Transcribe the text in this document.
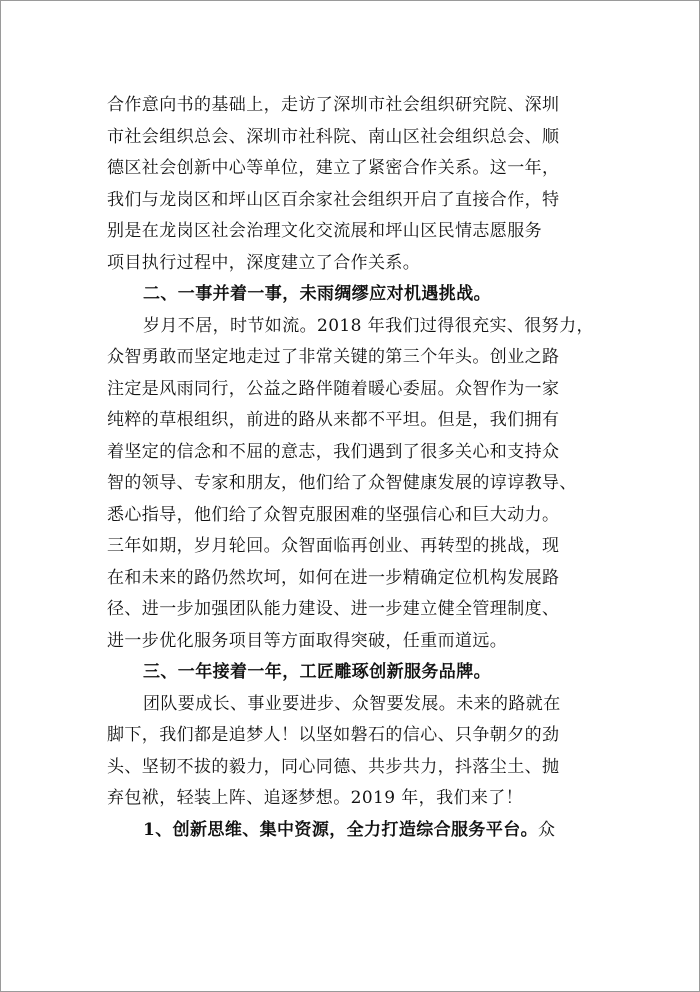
合作意向书的基础上，走访了深圳市社会组织研究院、深圳
市社会组织总会、深圳市社科院、南山区社会组织总会、顺
德区社会创新中心等单位，建立了紧密合作关系。这一年，
我们与龙岗区和坪山区百余家社会组织开启了直接合作，特
别是在龙岗区社会治理文化交流展和坪山区民情志愿服务
项目执行过程中，深度建立了合作关系。
二、一事并着一事，未雨绸缪应对机遇挑战。
岁月不居，时节如流。2018 年我们过得很充实、很努力，
众智勇敢而坚定地走过了非常关键的第三个年头。创业之路
注定是风雨同行，公益之路伴随着暖心委屈。众智作为一家
纯粹的草根组织，前进的路从来都不平坦。但是，我们拥有
着坚定的信念和不屈的意志，我们遇到了很多关心和支持众
智的领导、专家和朋友，他们给了众智健康发展的谆谆教导、
悉心指导，他们给了众智克服困难的坚强信心和巨大动力。
三年如期，岁月轮回。众智面临再创业、再转型的挑战，现
在和未来的路仍然坎坷，如何在进一步精确定位机构发展路
径、进一步加强团队能力建设、进一步建立健全管理制度、
进一步优化服务项目等方面取得突破，任重而道远。
三、一年接着一年，工匠雕琢创新服务品牌。
团队要成长、事业要进步、众智要发展。未来的路就在
脚下，我们都是追梦人！以坚如磐石的信心、只争朝夕的劲
头、坚韧不拔的毅力，同心同德、共步共力，抖落尘土、抛
弃包袱，轻装上阵、追逐梦想。2019 年，我们来了！
1、创新思维、集中资源，全力打造综合服务平台。众
